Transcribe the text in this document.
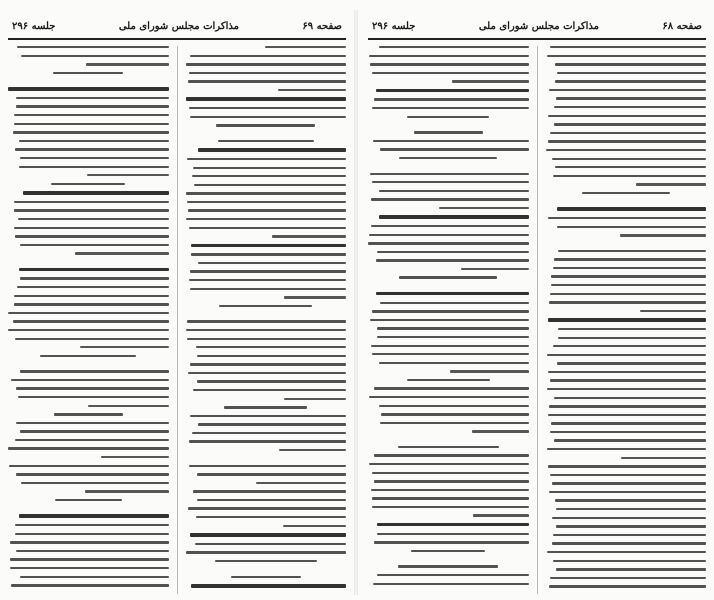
صفحه ۶۸
مذاکرات مجلس شورای ملی
جلسه ۲۹۶
صفحه ۶۹
مذاکرات مجلس شورای ملی
جلسه ۲۹۶
